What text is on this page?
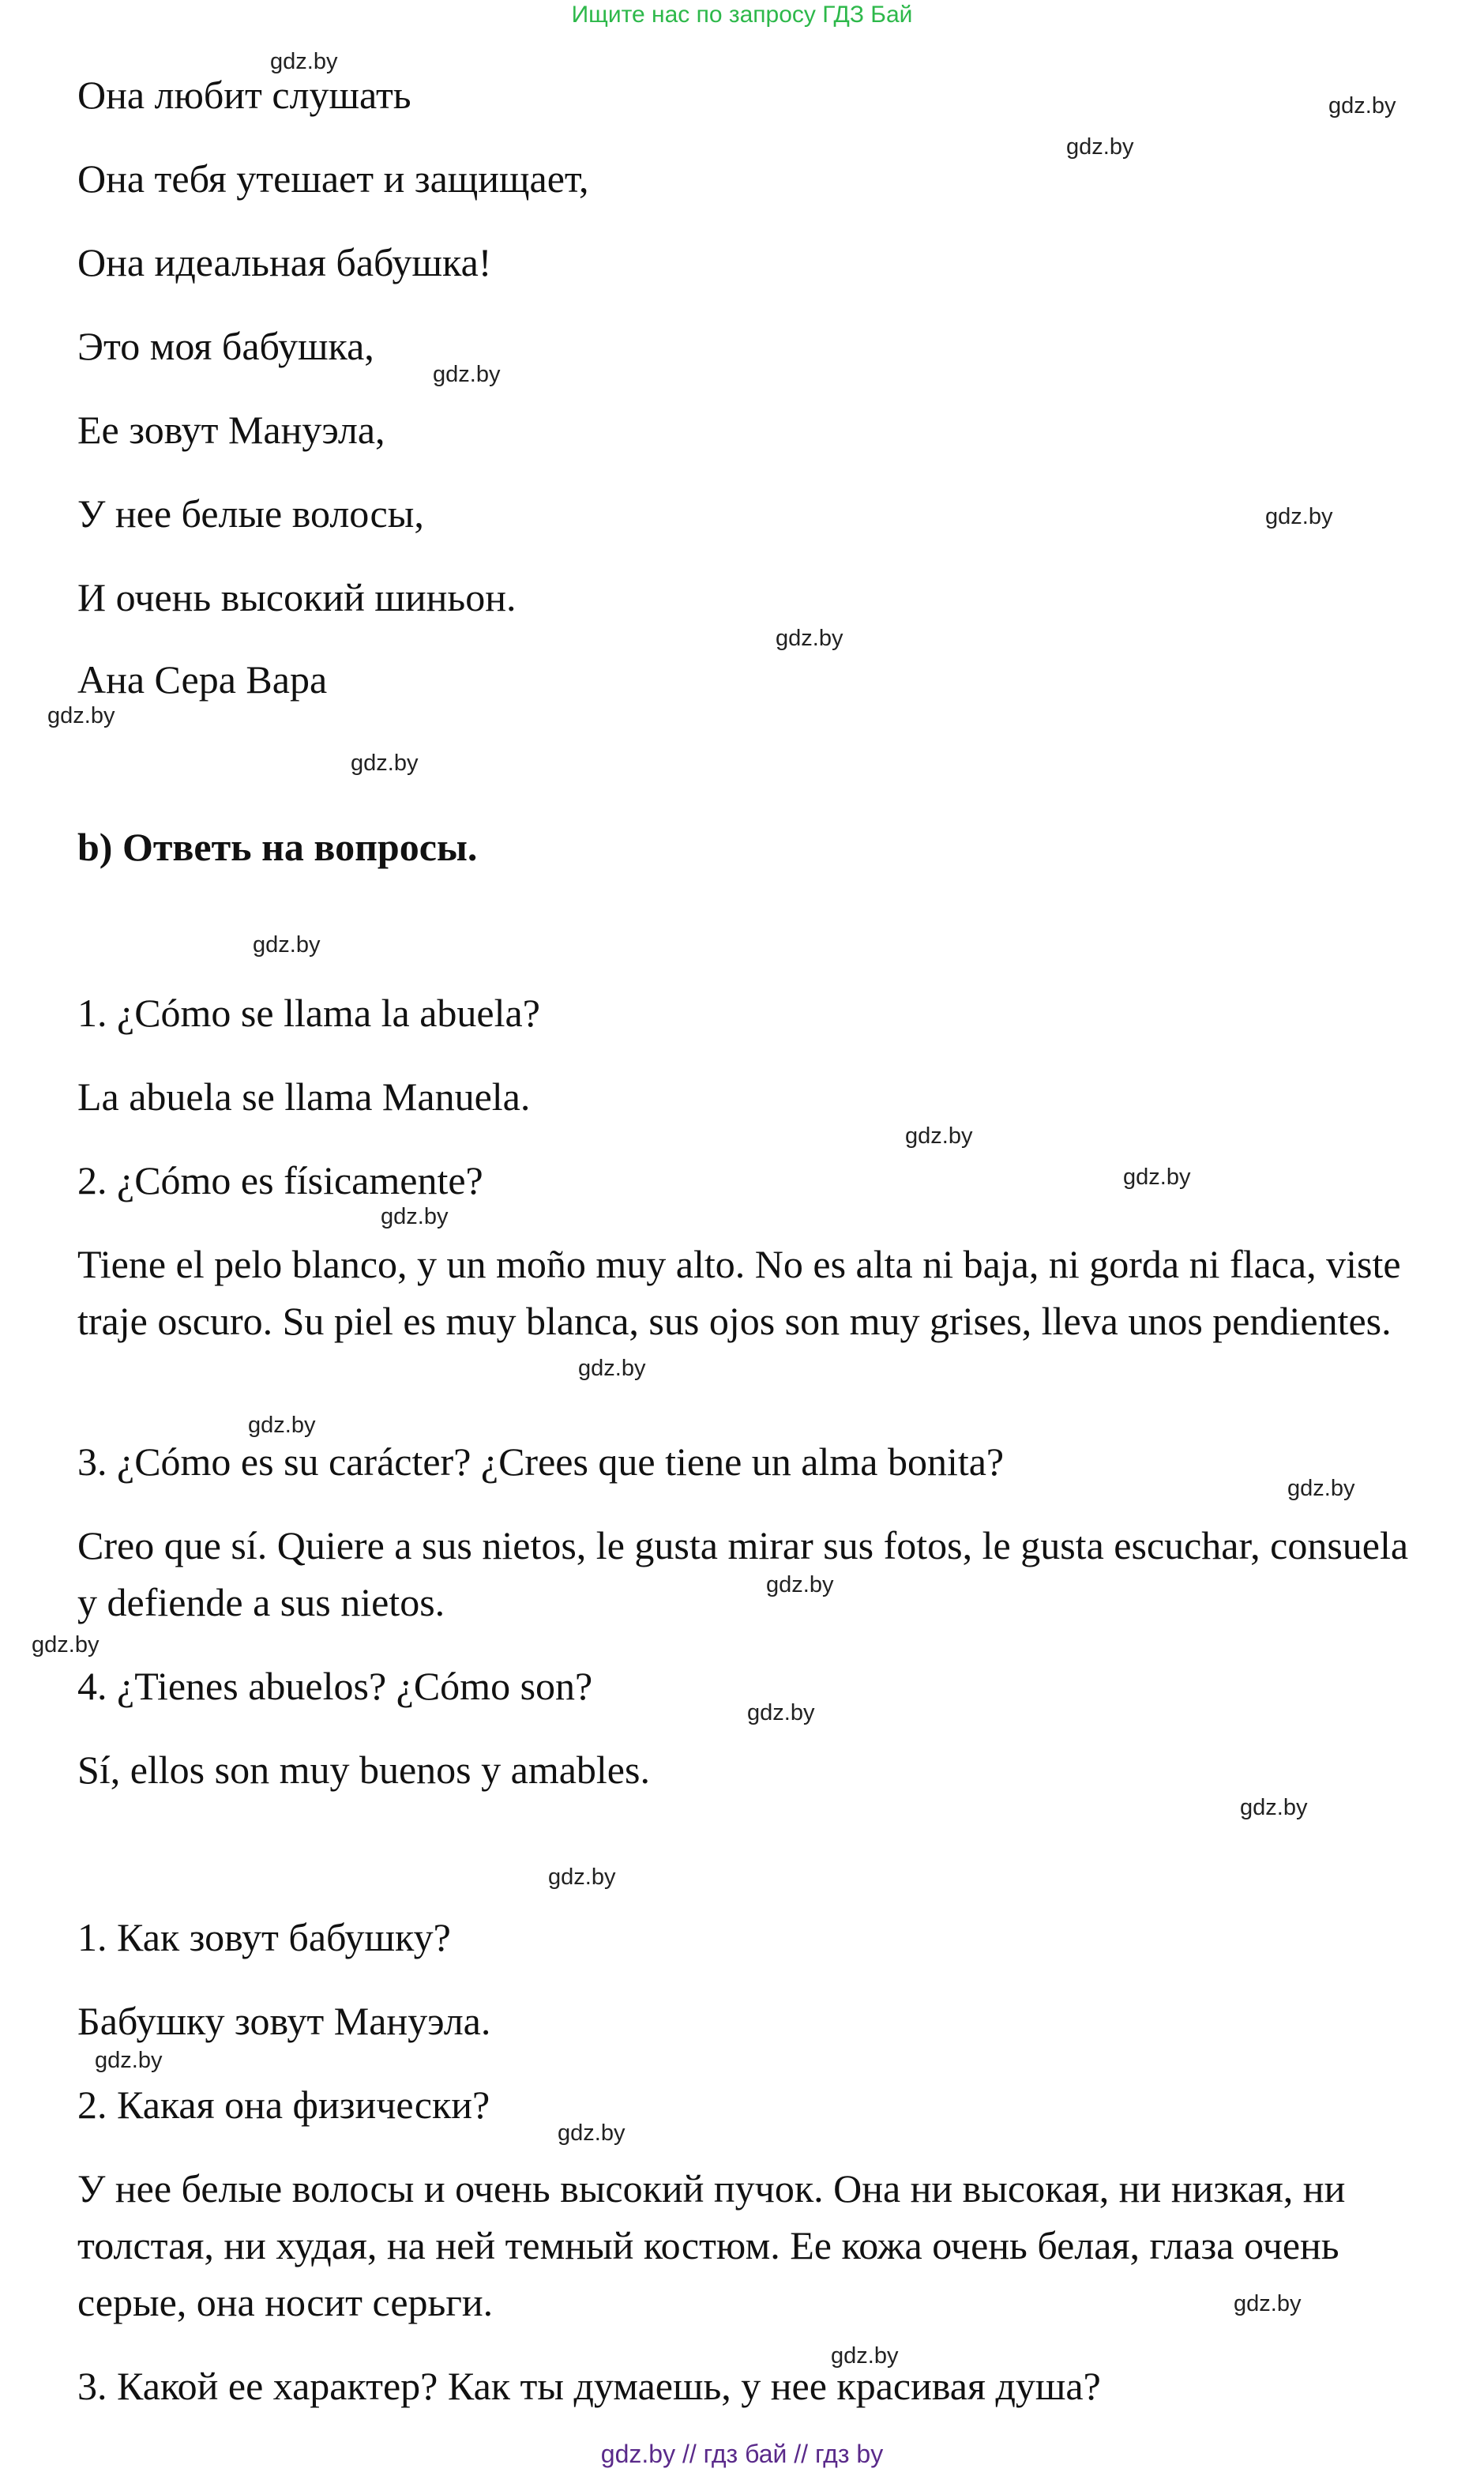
Ищите нас по запросу ГДЗ Бай

Она любит слушать

Она тебя утешает и защищает,

Она идеальная бабушка!

Это моя бабушка,

Ее зовут Мануэла,

У нее белые волосы,

И очень высокий шиньон.

Ана Сера Вара

b) Ответь на вопросы.

1. ¿Cómo se llama la abuela?

La abuela se llama Manuela.

2. ¿Cómo es físicamente?

Tiene el pelo blanco, y un moño muy alto. No es alta ni baja, ni gorda ni flaca, viste traje oscuro. Su piel es muy blanca, sus ojos son muy grises, lleva unos pendientes.

3. ¿Cómo es su carácter? ¿Crees que tiene un alma bonita?

Creo que sí. Quiere a sus nietos, le gusta mirar sus fotos, le gusta escuchar, consuela y defiende a sus nietos.

4. ¿Tienes abuelos? ¿Cómo son?

Sí, ellos son muy buenos y amables.

1. Как зовут бабушку?

Бабушку зовут Мануэла.

2. Какая она физически?

У нее белые волосы и очень высокий пучок. Она ни высокая, ни низкая, ни толстая, ни худая, на ней темный костюм. Ее кожа очень белая, глаза очень серые, она носит серьги.

3. Какой ее характер? Как ты думаешь, у нее красивая душа?

gdz.by
gdz.by
gdz.by
gdz.by
gdz.by
gdz.by
gdz.by
gdz.by
gdz.by
gdz.by
gdz.by
gdz.by
gdz.by
gdz.by
gdz.by
gdz.by
gdz.by
gdz.by
gdz.by
gdz.by
gdz.by
gdz.by
gdz.by
gdz.by
gdz.by // гдз бай // гдз by
